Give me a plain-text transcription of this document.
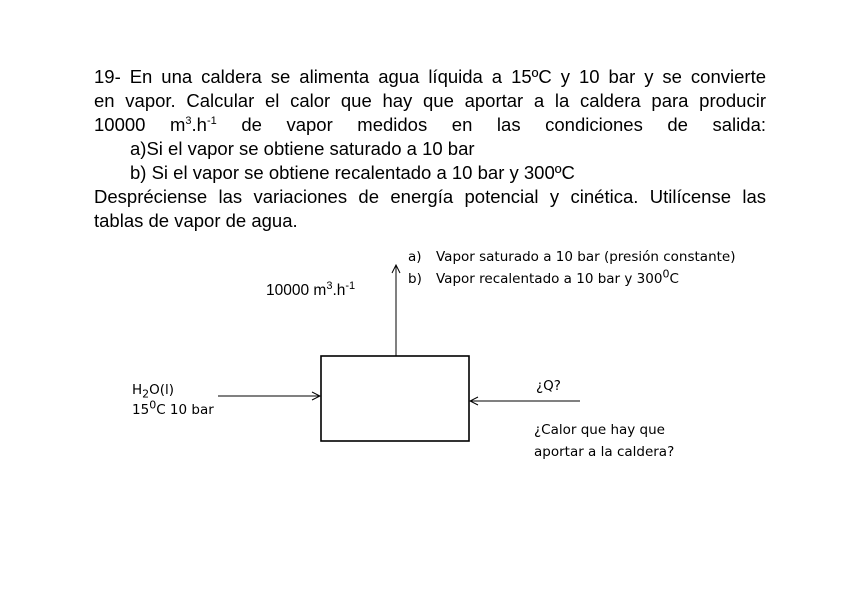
19- En una caldera se alimenta agua líquida a 15ºC y 10 bar y se convierte

en vapor. Calcular el calor que hay que aportar a la caldera para producir

10000 $m^3.h^{-1}$ de vapor medidos en las condiciones de salida:

a)Si el vapor se obtiene saturado a 10 bar

b) Si el vapor se obtiene recalentado a 10 bar y 300ºC

Despréciense las variaciones de energía potencial y cinética. Utilícense las

tablas de vapor de agua.

a)	Vapor saturado a 10 bar (presión constante)
b)	Vapor recalentado a 10 bar y $300^0C$
10000 $m^3.h^{-1}$
$H_2O(l)$
$15^0C$ 10 bar
¿Q?
¿Calor que hay que
aportar a la caldera?
